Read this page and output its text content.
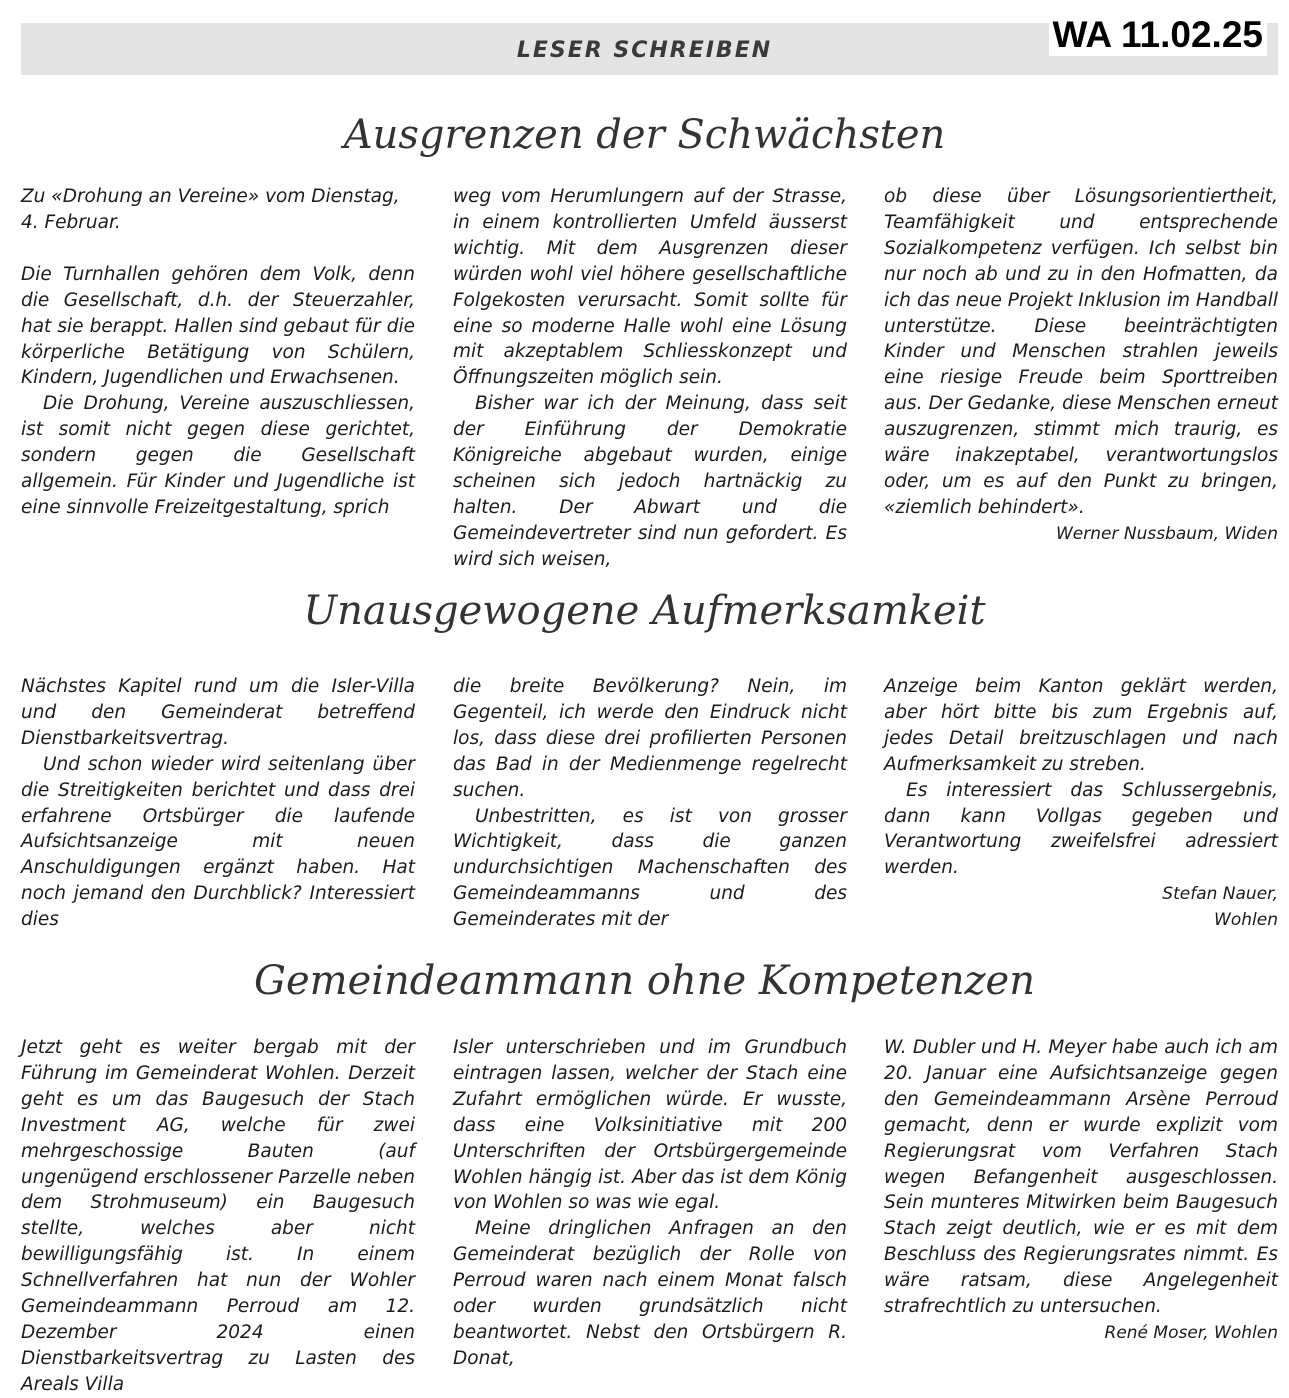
LESER SCHREIBEN	WA 11.02.25
Ausgrenzen der Schwächsten

Zu «Drohung an Vereine» vom Dienstag, 4. Februar.

Die Turnhallen gehören dem Volk, denn die Gesellschaft, d.h. der Steuerzahler, hat sie berappt. Hallen sind gebaut für die körperliche Betätigung von Schülern, Kindern, Jugendlichen und Erwachsenen.

Die Drohung, Vereine auszuschliessen, ist somit nicht gegen diese gerichtet, sondern gegen die Gesellschaft allgemein. Für Kinder und Jugendliche ist eine sinnvolle Freizeitgestaltung, sprich

weg vom Herumlungern auf der Strasse, in einem kontrollierten Umfeld äusserst wichtig. Mit dem Ausgrenzen dieser würden wohl viel höhere gesellschaftliche Folgekosten verursacht. Somit sollte für eine so moderne Halle wohl eine Lösung mit akzeptablem Schliesskonzept und Öffnungszeiten möglich sein.

Bisher war ich der Meinung, dass seit der Einführung der Demokratie Königreiche abgebaut wurden, einige scheinen sich jedoch hartnäckig zu halten. Der Abwart und die Gemeindevertreter sind nun gefordert. Es wird sich weisen,

ob diese über Lösungsorientiertheit, Teamfähigkeit und entsprechende Sozialkompetenz verfügen. Ich selbst bin nur noch ab und zu in den Hofmatten, da ich das neue Projekt Inklusion im Handball unterstütze. Diese beeinträchtigten Kinder und Menschen strahlen jeweils eine riesige Freude beim Sporttreiben aus. Der Gedanke, diese Menschen erneut auszugrenzen, stimmt mich traurig, es wäre inakzeptabel, verantwortungslos oder, um es auf den Punkt zu bringen, «ziemlich behindert».

Werner Nussbaum, Widen

Unausgewogene Aufmerksamkeit

Nächstes Kapitel rund um die Isler-Villa und den Gemeinderat betreffend Dienstbarkeitsvertrag.

Und schon wieder wird seitenlang über die Streitigkeiten berichtet und dass drei erfahrene Ortsbürger die laufende Aufsichtsanzeige mit neuen Anschuldigungen ergänzt haben. Hat noch jemand den Durchblick? Interessiert dies

die breite Bevölkerung? Nein, im Gegenteil, ich werde den Eindruck nicht los, dass diese drei profilierten Personen das Bad in der Medienmenge regelrecht suchen.

Unbestritten, es ist von grosser Wichtigkeit, dass die ganzen undurchsichtigen Machenschaften des Gemeindeammanns und des Gemeinderates mit der

Anzeige beim Kanton geklärt werden, aber hört bitte bis zum Ergebnis auf, jedes Detail breitzuschlagen und nach Aufmerksamkeit zu streben.

Es interessiert das Schlussergebnis, dann kann Vollgas gegeben und Verantwortung zweifelsfrei adressiert werden.

Stefan Nauer,

Wohlen

Gemeindeammann ohne Kompetenzen

Jetzt geht es weiter bergab mit der Führung im Gemeinderat Wohlen. Derzeit geht es um das Baugesuch der Stach Investment AG, welche für zwei mehrgeschossige Bauten (auf ungenügend erschlossener Parzelle neben dem Strohmuseum) ein Baugesuch stellte, welches aber nicht bewilligungsfähig ist. In einem Schnellverfahren hat nun der Wohler Gemeindeammann Perroud am 12. Dezember 2024 einen Dienstbarkeitsvertrag zu Lasten des Areals Villa

Isler unterschrieben und im Grundbuch eintragen lassen, welcher der Stach eine Zufahrt ermöglichen würde. Er wusste, dass eine Volksinitiative mit 200 Unterschriften der Ortsbürgergemeinde Wohlen hängig ist. Aber das ist dem König von Wohlen so was wie egal.

Meine dringlichen Anfragen an den Gemeinderat bezüglich der Rolle von Perroud waren nach einem Monat falsch oder wurden grundsätzlich nicht beantwortet. Nebst den Ortsbürgern R. Donat,

W. Dubler und H. Meyer habe auch ich am 20. Januar eine Aufsichtsanzeige gegen den Gemeindeammann Arsène Perroud gemacht, denn er wurde explizit vom Regierungsrat vom Verfahren Stach wegen Befangenheit ausgeschlossen. Sein munteres Mitwirken beim Baugesuch Stach zeigt deutlich, wie er es mit dem Beschluss des Regierungsrates nimmt. Es wäre ratsam, diese Angelegenheit strafrechtlich zu untersuchen.

René Moser, Wohlen
